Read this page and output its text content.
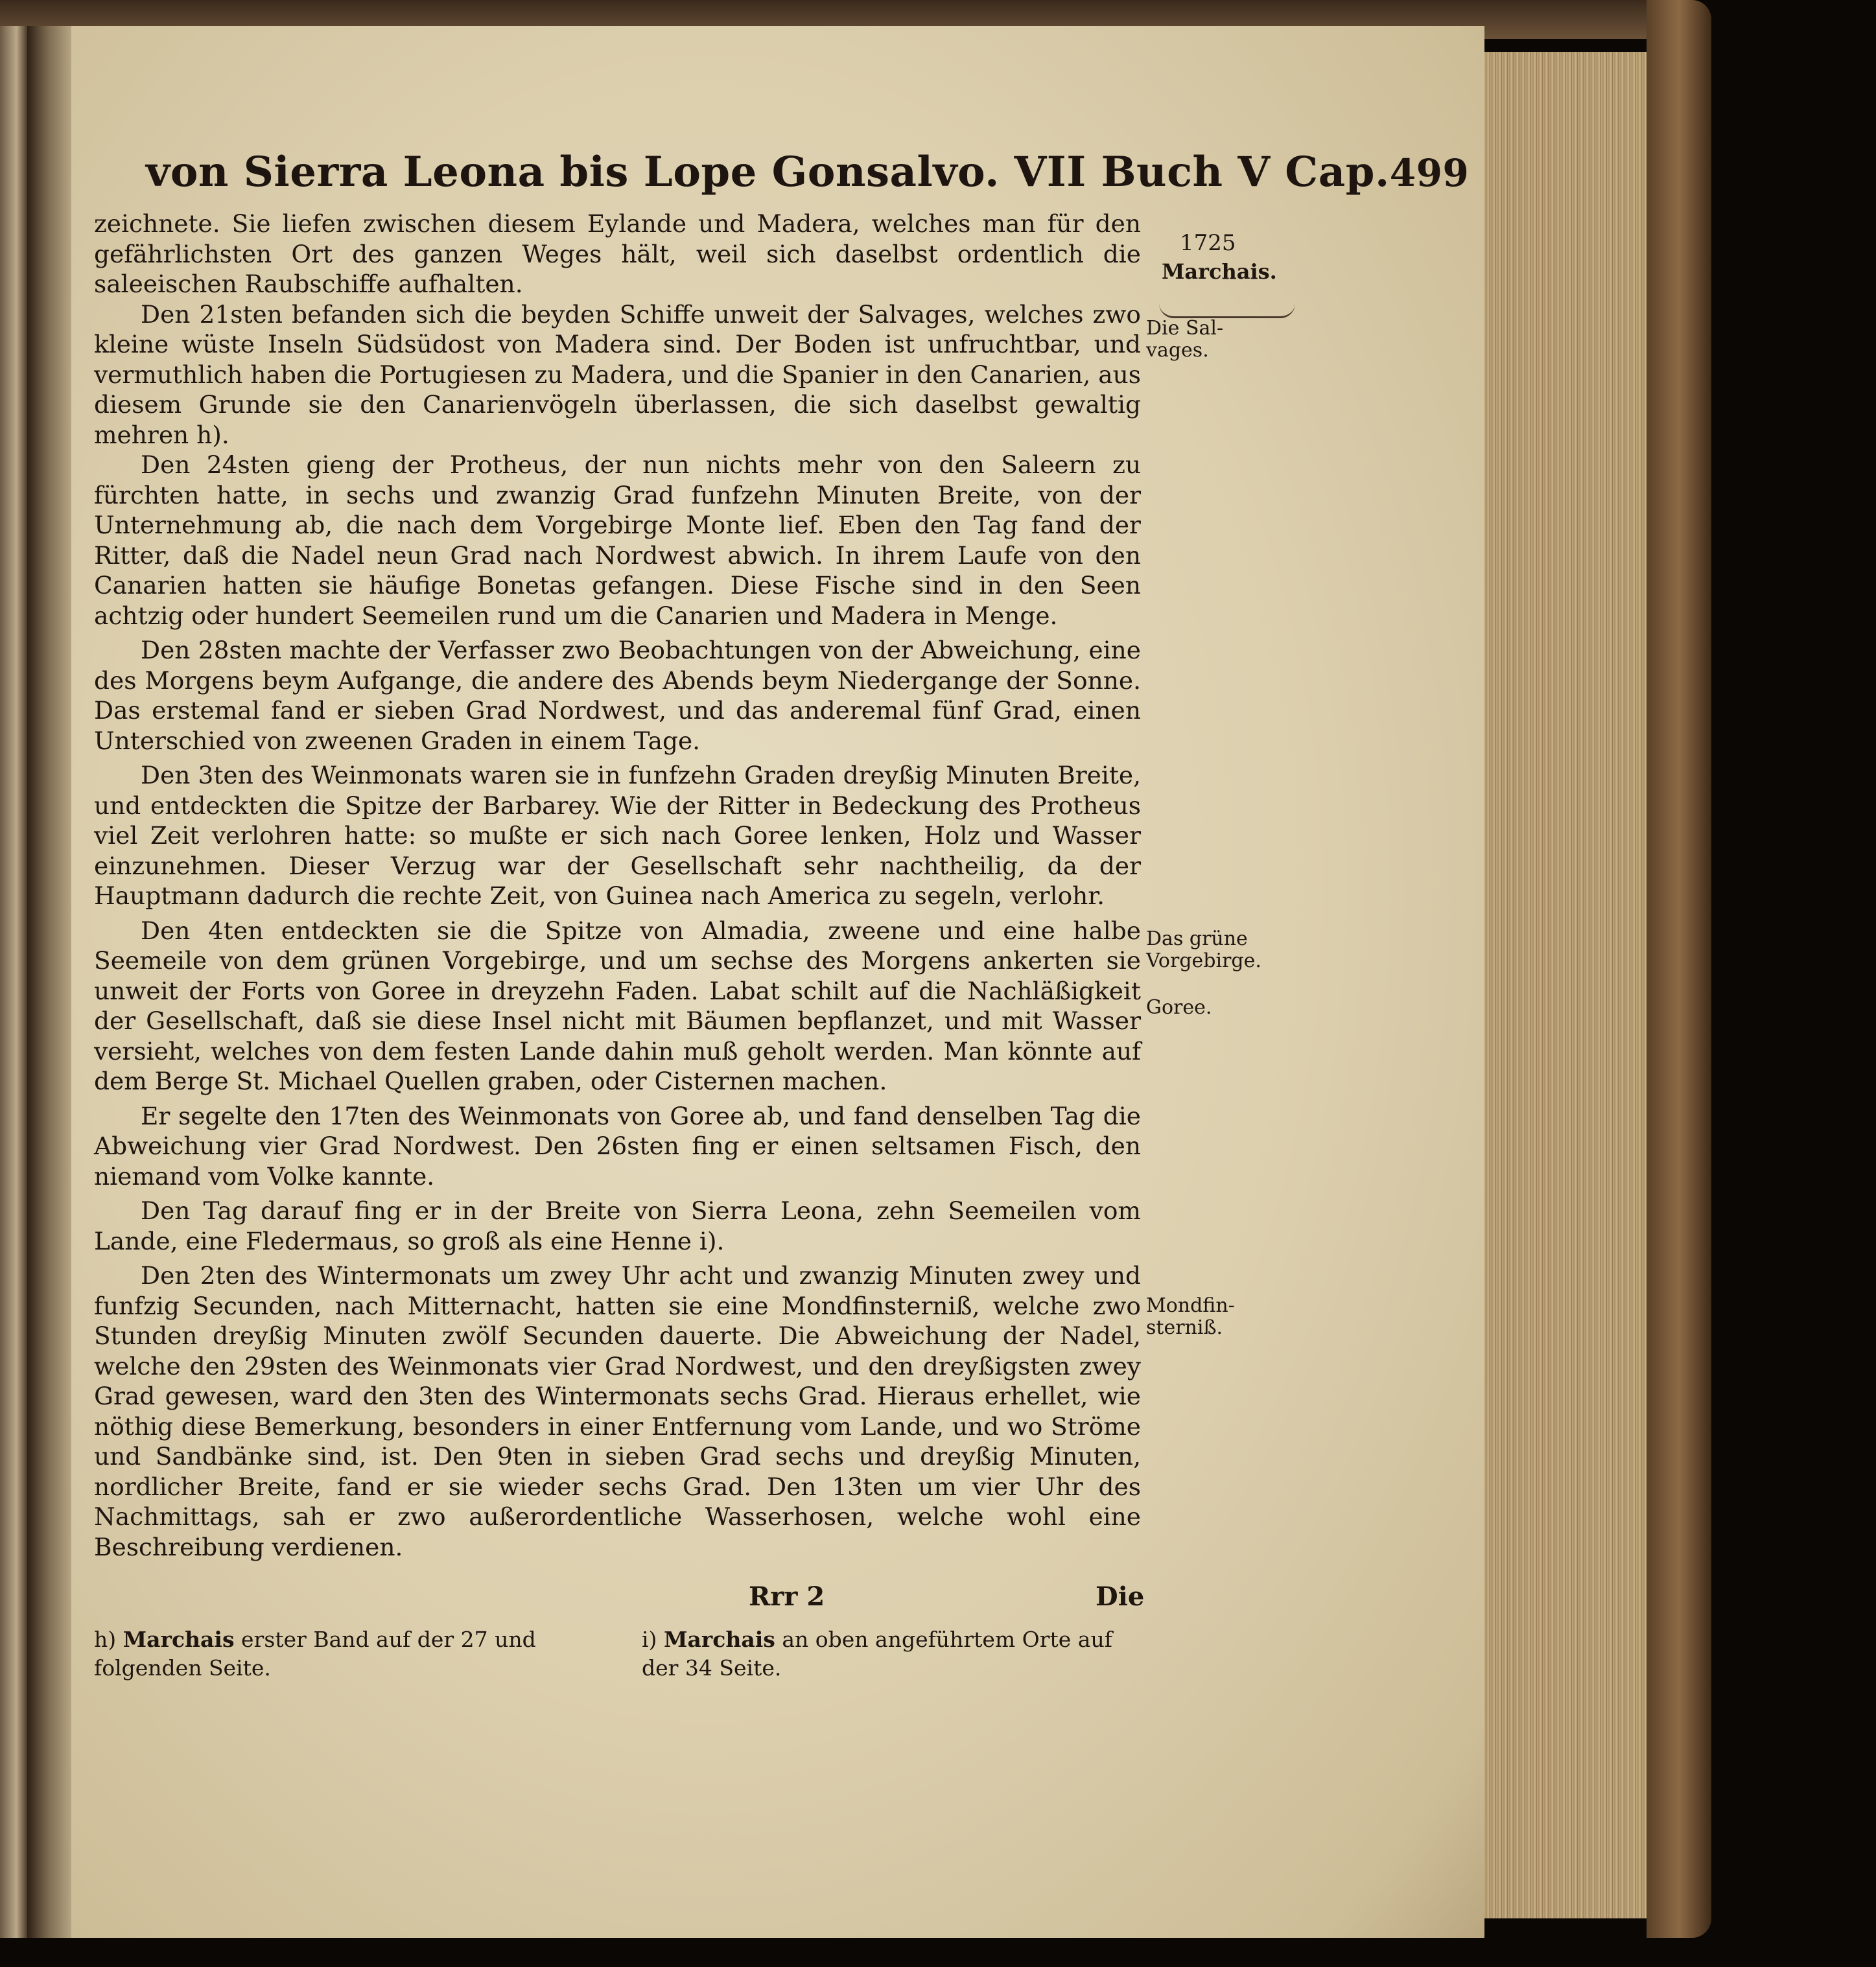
von Sierra Leona bis Lope Gonsalvo. VII Buch V Cap. 499

zeichnete. Sie liefen zwischen diesem Eylande und Madera, welches man für den gefährlichsten Ort des ganzen Weges hält, weil sich daselbst ordentlich die saleeischen Raubschiffe aufhalten.

Den 21sten befanden sich die beyden Schiffe unweit der Salvages, welches zwo kleine wüste Inseln Südsüdost von Madera sind. Der Boden ist unfruchtbar, und vermuthlich haben die Portugiesen zu Madera, und die Spanier in den Canarien, aus diesem Grunde sie den Canarienvögeln überlassen, die sich daselbst gewaltig mehren h).

Den 24sten gieng der Protheus, der nun nichts mehr von den Saleern zu fürchten hatte, in sechs und zwanzig Grad funfzehn Minuten Breite, von der Unternehmung ab, die nach dem Vorgebirge Monte lief. Eben den Tag fand der Ritter, daß die Nadel neun Grad nach Nordwest abwich. In ihrem Laufe von den Canarien hatten sie häufige Bonetas gefangen. Diese Fische sind in den Seen achtzig oder hundert Seemeilen rund um die Canarien und Madera in Menge.

Den 28sten machte der Verfasser zwo Beobachtungen von der Abweichung, eine des Morgens beym Aufgange, die andere des Abends beym Niedergange der Sonne. Das erstemal fand er sieben Grad Nordwest, und das anderemal fünf Grad, einen Unterschied von zweenen Graden in einem Tage.

Den 3ten des Weinmonats waren sie in funfzehn Graden dreyßig Minuten Breite, und entdeckten die Spitze der Barbarey. Wie der Ritter in Bedeckung des Protheus viel Zeit verlohren hatte: so mußte er sich nach Goree lenken, Holz und Wasser einzunehmen. Dieser Verzug war der Gesellschaft sehr nachtheilig, da der Hauptmann dadurch die rechte Zeit, von Guinea nach America zu segeln, verlohr.

Den 4ten entdeckten sie die Spitze von Almadia, zweene und eine halbe Seemeile von dem grünen Vorgebirge, und um sechse des Morgens ankerten sie unweit der Forts von Goree in dreyzehn Faden. Labat schilt auf die Nachläßigkeit der Gesellschaft, daß sie diese Insel nicht mit Bäumen bepflanzet, und mit Wasser versieht, welches von dem festen Lande dahin muß geholt werden. Man könnte auf dem Berge St. Michael Quellen graben, oder Cisternen machen.

Er segelte den 17ten des Weinmonats von Goree ab, und fand denselben Tag die Abweichung vier Grad Nordwest. Den 26sten fing er einen seltsamen Fisch, den niemand vom Volke kannte.

Den Tag darauf fing er in der Breite von Sierra Leona, zehn Seemeilen vom Lande, eine Fledermaus, so groß als eine Henne i).

Den 2ten des Wintermonats um zwey Uhr acht und zwanzig Minuten zwey und funfzig Secunden, nach Mitternacht, hatten sie eine Mondfinsterniß, welche zwo Stunden dreyßig Minuten zwölf Secunden dauerte. Die Abweichung der Nadel, welche den 29sten des Weinmonats vier Grad Nordwest, und den dreyßigsten zwey Grad gewesen, ward den 3ten des Wintermonats sechs Grad. Hieraus erhellet, wie nöthig diese Bemerkung, besonders in einer Entfernung vom Lande, und wo Ströme und Sandbänke sind, ist. Den 9ten in sieben Grad sechs und dreyßig Minuten, nordlicher Breite, fand er sie wieder sechs Grad. Den 13ten um vier Uhr des Nachmittags, sah er zwo außerordentliche Wasserhosen, welche wohl eine Beschreibung verdienen.

1725
Marchais.
Die Sal-
vages.
Das grüne
Vorgebirge.
Goree.
Mondfin-
sterniß.
Rrr 2	Die
h) Marchais erster Band auf der 27 und folgenden Seite.
i) Marchais an oben angeführtem Orte auf der 34 Seite.
